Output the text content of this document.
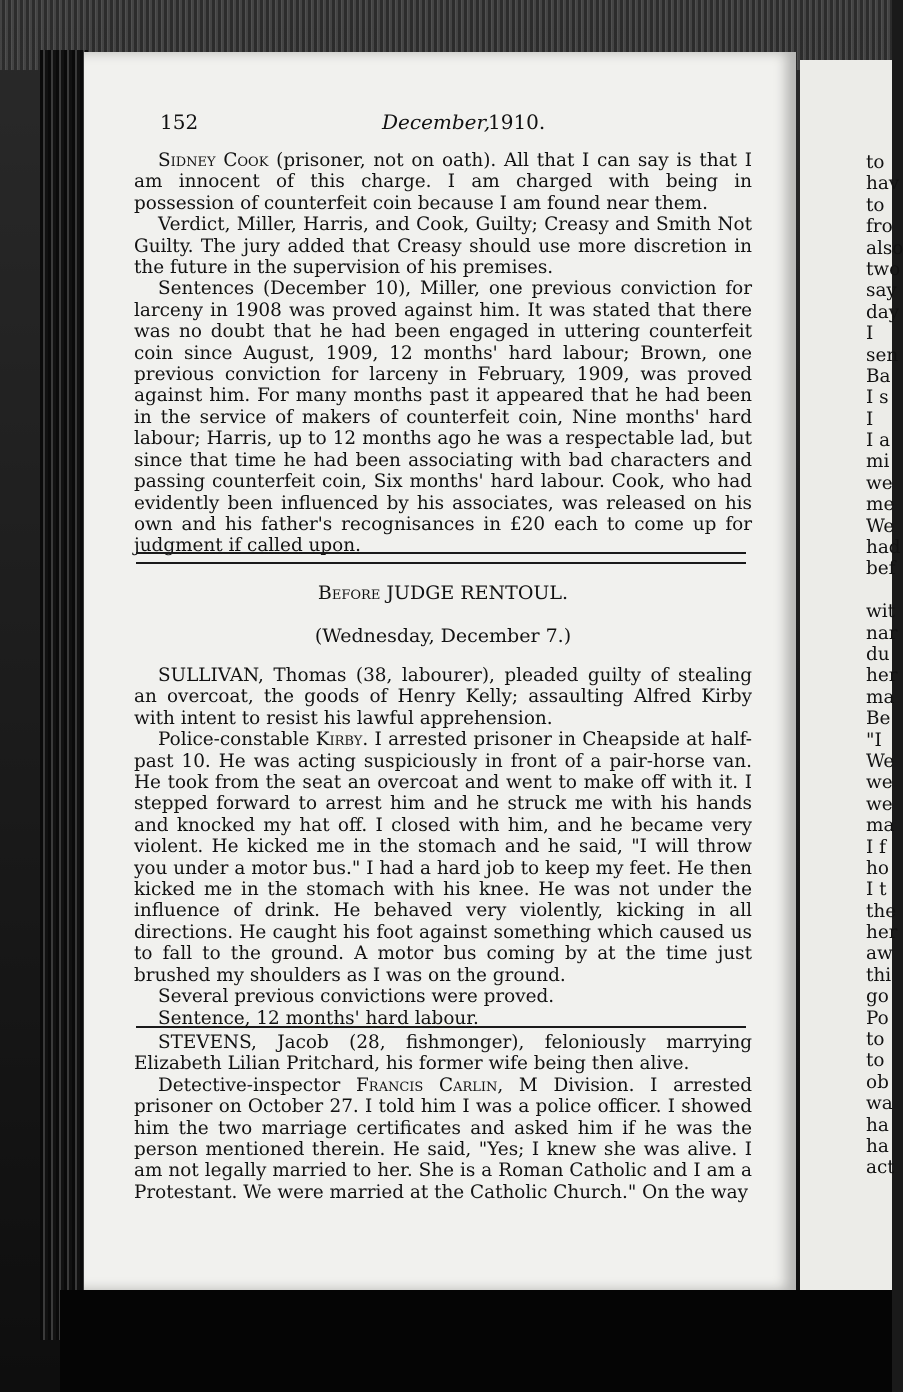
152	December,
1910.

Sidney Cook (prisoner, not on oath). All that I can say is that I am innocent of this charge. I am charged with being in possession of counterfeit coin because I am found near them.

Verdict, Miller, Harris, and Cook, Guilty; Creasy and Smith Not Guilty. The jury added that Creasy should use more discretion in the future in the supervision of his premises.

Sentences (December 10), Miller, one previous conviction for larceny in 1908 was proved against him. It was stated that there was no doubt that he had been engaged in uttering counterfeit coin since August, 1909, 12 months' hard labour; Brown, one previous conviction for larceny in February, 1909, was proved against him. For many months past it appeared that he had been in the service of makers of counterfeit coin, Nine months' hard labour; Harris, up to 12 months ago he was a respectable lad, but since that time he had been associating with bad characters and passing counterfeit coin, Six months' hard labour. Cook, who had evidently been influenced by his associates, was released on his own and his father's recognisances in £20 each to come up for judgment if called upon.

Before JUDGE RENTOUL.
(Wednesday, December 7.)

SULLIVAN, Thomas (38, labourer), pleaded guilty of stealing an overcoat, the goods of Henry Kelly; assaulting Alfred Kirby with intent to resist his lawful apprehension.

Police-constable Kirby. I arrested prisoner in Cheapside at half-past 10. He was acting suspiciously in front of a pair-horse van. He took from the seat an overcoat and went to make off with it. I stepped forward to arrest him and he struck me with his hands and knocked my hat off. I closed with him, and he became very violent. He kicked me in the stomach and he said, "I will throw you under a motor bus." I had a hard job to keep my feet. He then kicked me in the stomach with his knee. He was not under the influence of drink. He behaved very violently, kicking in all directions. He caught his foot against something which caused us to fall to the ground. A motor bus coming by at the time just brushed my shoulders as I was on the ground.

Several previous convictions were proved.

Sentence, 12 months' hard labour.

STEVENS, Jacob (28, fishmonger), feloniously marrying Elizabeth Lilian Pritchard, his former wife being then alive.

Detective-inspector Francis Carlin, M Division. I arrested prisoner on October 27. I told him I was a police officer. I showed him the two marriage certificates and asked him if he was the person mentioned therein. He said, "Yes; I knew she was alive. I am not legally married to her. She is a Roman Catholic and I am a Protestant. We were married at the Catholic Church." On the way

to
hav
to
fro
also
two
say
day
I
sen
Ba
I s
I
I a
mi
we
me
We
had
bef
wit
nar
du
her
ma
Be
"I
We
we
we
ma
I f
ho
I t
the
her
aw
thi
go
Po
to
to
ob
wa
ha
ha
act
